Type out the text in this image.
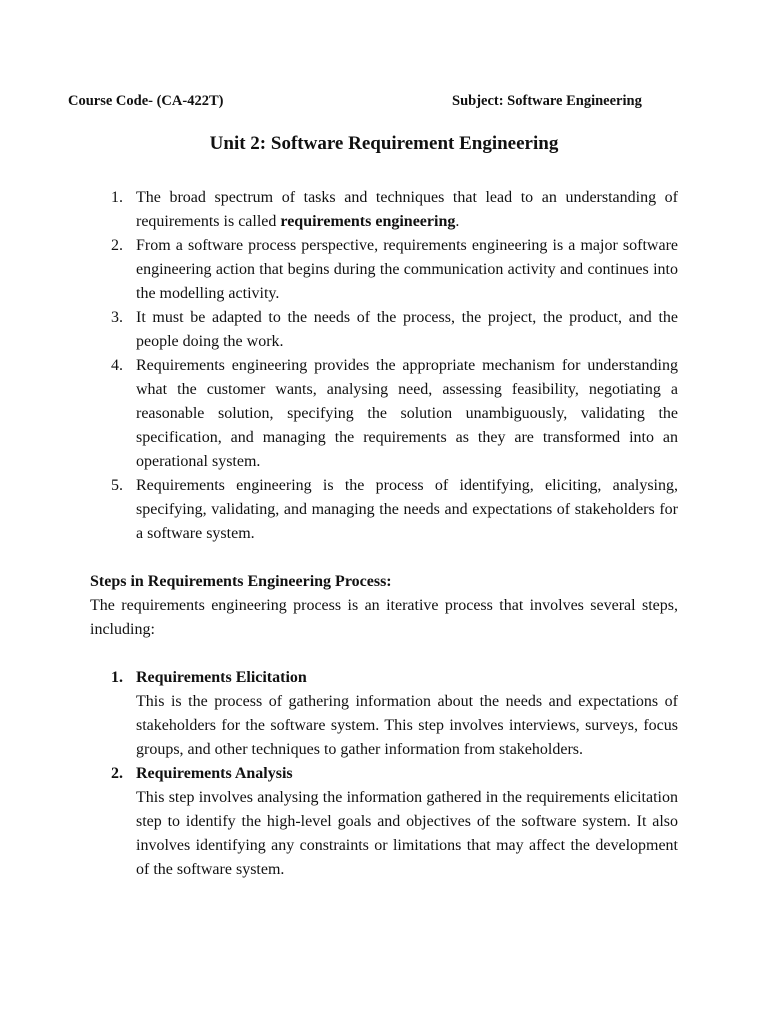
Course Code- (CA-422T)	Subject: Software Engineering
Unit 2: Software Requirement Engineering
1. The broad spectrum of tasks and techniques that lead to an understanding of requirements is called requirements engineering.
2. From a software process perspective, requirements engineering is a major software engineering action that begins during the communication activity and continues into the modelling activity.
3. It must be adapted to the needs of the process, the project, the product, and the people doing the work.
4. Requirements engineering provides the appropriate mechanism for understanding what the customer wants, analysing need, assessing feasibility, negotiating a reasonable solution, specifying the solution unambiguously, validating the specification, and managing the requirements as they are transformed into an operational system.
5. Requirements engineering is the process of identifying, eliciting, analysing, specifying, validating, and managing the needs and expectations of stakeholders for a software system.
Steps in Requirements Engineering Process:

The requirements engineering process is an iterative process that involves several steps, including:

1. Requirements Elicitation
This is the process of gathering information about the needs and expectations of stakeholders for the software system. This step involves interviews, surveys, focus groups, and other techniques to gather information from stakeholders.
2. Requirements Analysis
This step involves analysing the information gathered in the requirements elicitation step to identify the high-level goals and objectives of the software system. It also involves identifying any constraints or limitations that may affect the development of the software system.
